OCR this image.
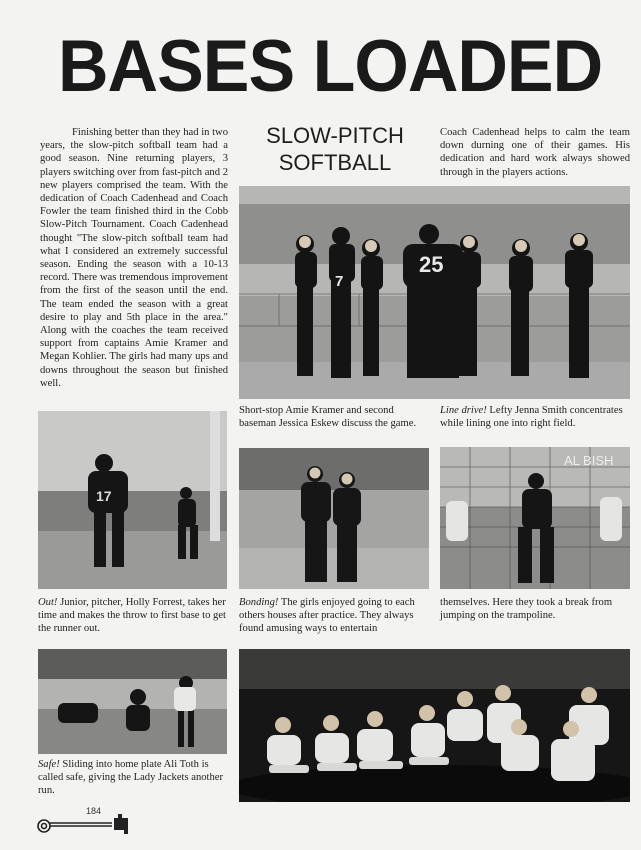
BASES LOADED
SLOW-PITCH
SOFTBALL

Finishing better than they had in two years, the slow-pitch softball team had a good season. Nine returning players, 3 players switching over from fast-pitch and 2 new players comprised the team. With the dedication of Coach Cadenhead and Coach Fowler the team finished third in the Cobb Slow-Pitch Tournament. Coach Cadenhead thought "The slow-pitch softball team had what I considered an extremely successful season. Ending the season with a 10-13 record. There was tremendous improvement from the first of the season until the end. The team ended the season with a great desire to play and 5th place in the area." Along with the coaches the team received support from captains Amie Kramer and Megan Kohlier. The girls had many ups and downs throughout the season but finished well.

Coach Cadenhead helps to calm the team down durning one of their games. His dedication and hard work always showed through in the players actions.

7
25

Short-stop Amie Kramer and second baseman Jessica Eskew discuss the game.

Line drive! Lefty Jenna Smith concentrates while lining one into right field.

17
AL BISH

Out! Junior, pitcher, Holly Forrest, takes her time and makes the throw to first base to get the runner out.

Bonding! The girls enjoyed going to each others houses after practice. They always found amusing ways to entertain

themselves. Here they took a break from jumping on the trampoline.

Safe! Sliding into home plate Ali Toth is called safe, giving the Lady Jackets another run.

184
